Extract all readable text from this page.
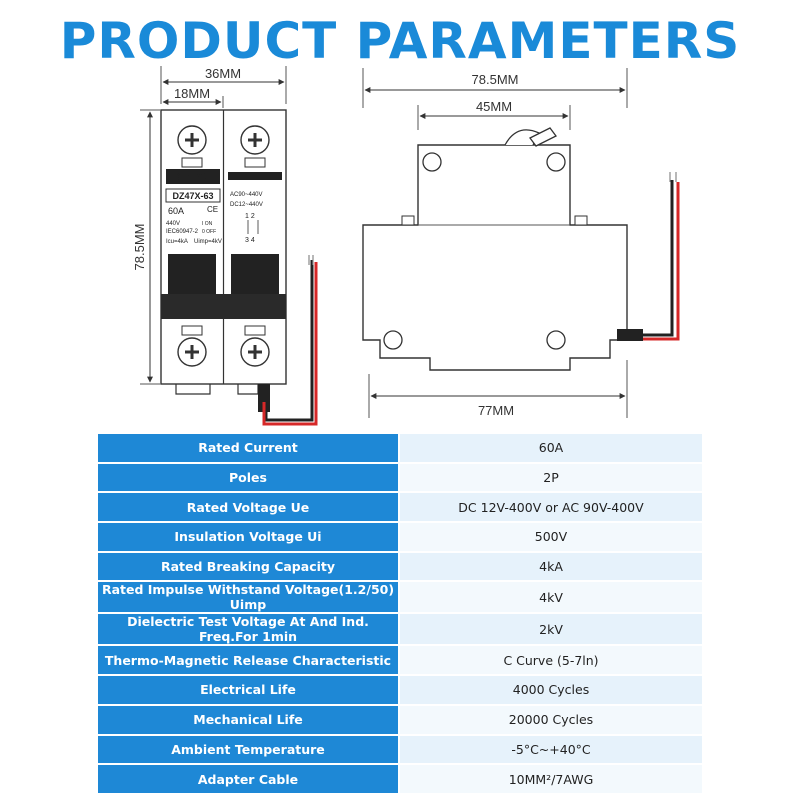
PRODUCT PARAMETERS
36MM
18MM
78.5MM
DIHOOL
DZ47X-63
60A
440V
IEC60947-2
I ON
0 OFF
Icu=4kA Uimp=4kV
CE
AC90~440V
DC12~440V
1 2
3 4
78.5MM
45MM
77MM
Rated Current	60A
Poles	2P
Rated Voltage Ue	DC 12V-400V or AC 90V-400V
Insulation Voltage Ui	500V
Rated Breaking Capacity	4kA
Rated Impulse Withstand Voltage(1.2/50) Uimp	4kV
Dielectric Test Voltage At And Ind. Freq.For 1min	2kV
Thermo-Magnetic Release Characteristic	C Curve (5-7ln)
Electrical Life	4000 Cycles
Mechanical Life	20000 Cycles
Ambient Temperature	-5°C~+40°C
Adapter Cable	10MM²/7AWG
